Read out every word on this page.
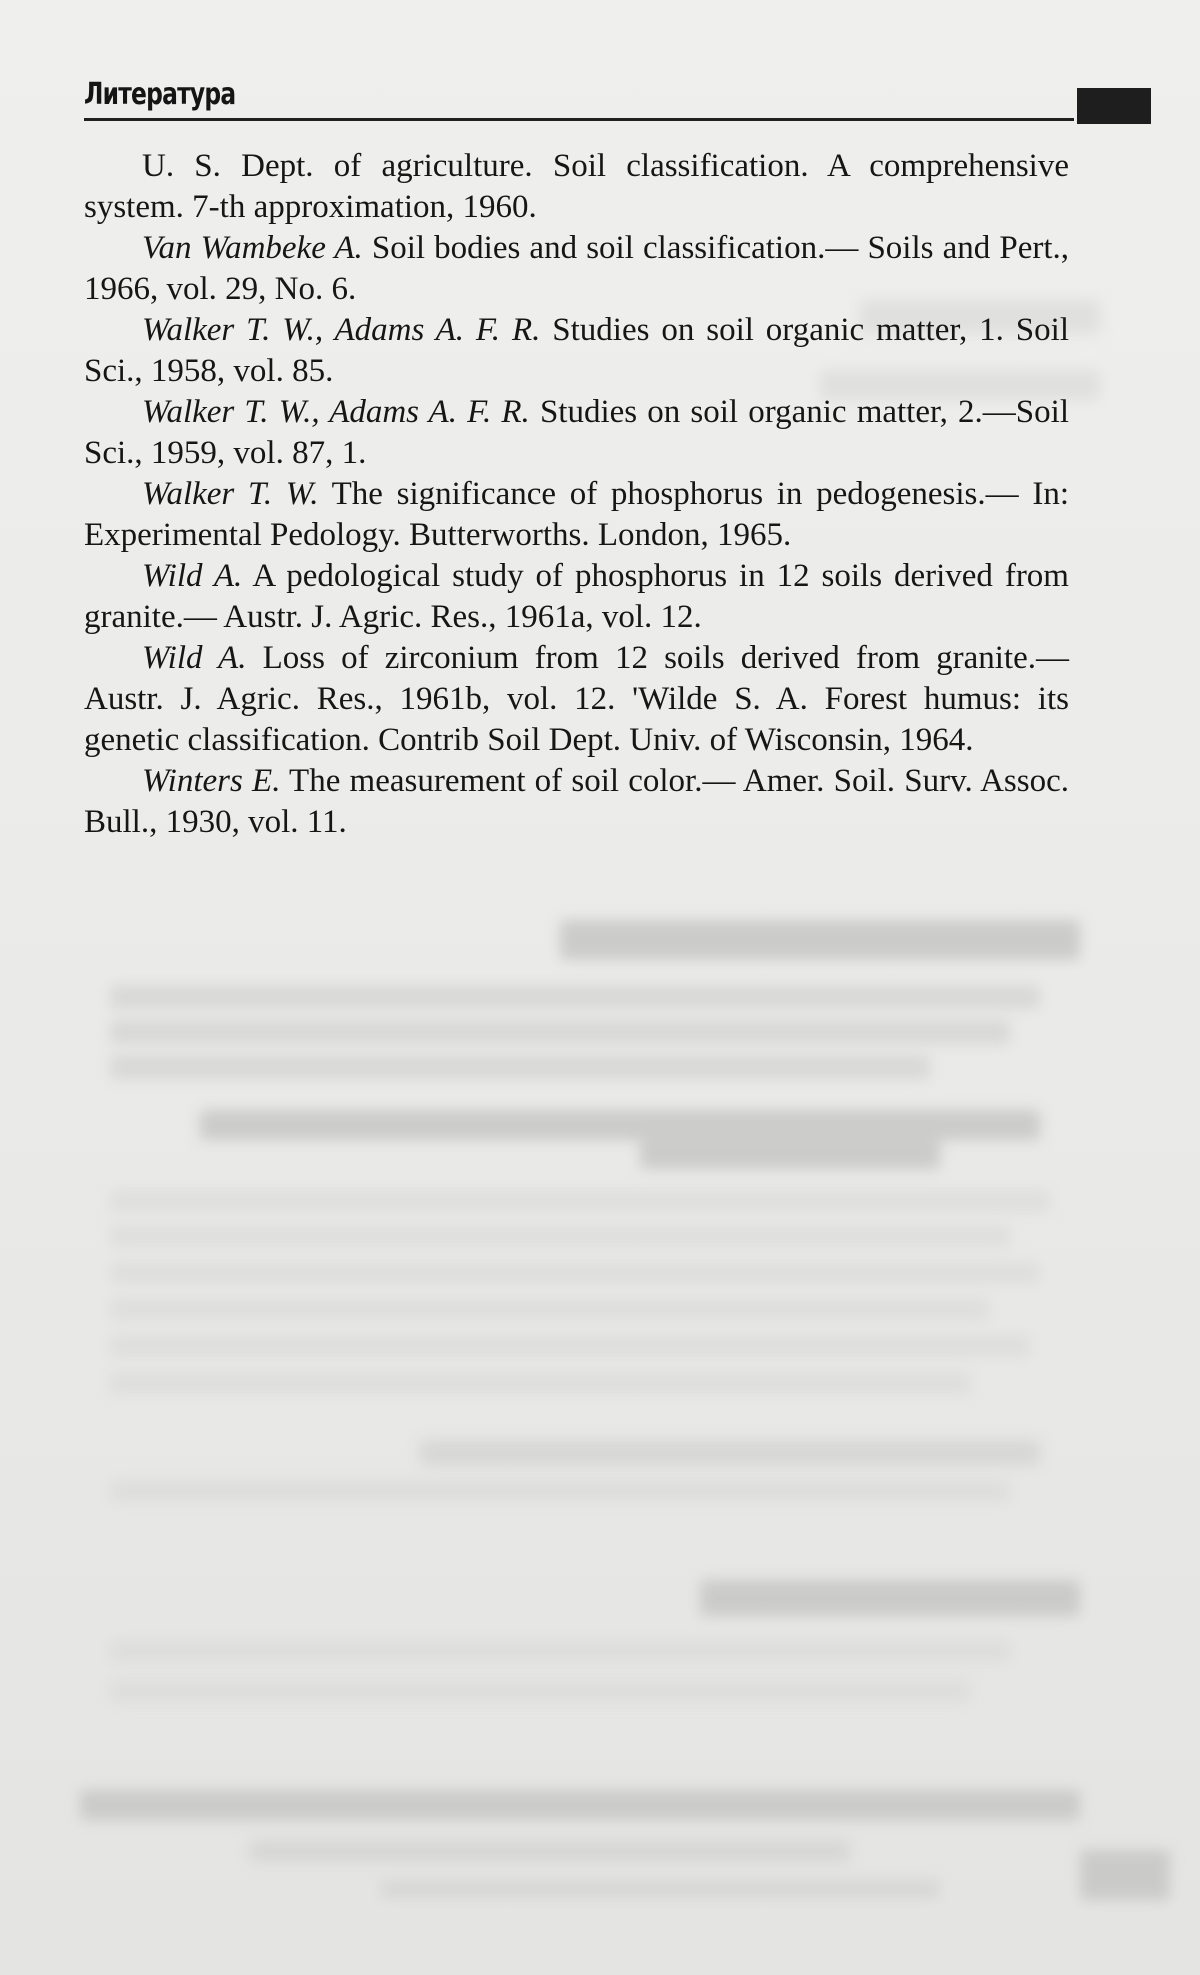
Литература

U. S. Dept. of agriculture. Soil classification. A comprehensive system. 7-th approximation, 1960.

Van Wambeke A. Soil bodies and soil classification.— Soils and Pert., 1966, vol. 29, No. 6.

Walker T. W., Adams A. F. R. Studies on soil organic matter, 1. Soil Sci., 1958, vol. 85.

Walker T. W., Adams A. F. R. Studies on soil organic matter, 2.—Soil Sci., 1959, vol. 87, 1.

Walker T. W. The significance of phosphorus in pedogenesis.— In: Experimental Pedology. Butterworths. London, 1965.

Wild A. A pedological study of phosphorus in 12 soils derived from granite.— Austr. J. Agric. Res., 1961a, vol. 12.

Wild A. Loss of zirconium from 12 soils derived from granite.—Austr. J. Agric. Res., 1961b, vol. 12. 'Wilde S. A. Forest humus: its genetic classification. Contrib Soil Dept. Univ. of Wisconsin, 1964.

Winters E. The measurement of soil color.— Amer. Soil. Surv. Assoc. Bull., 1930, vol. 11.
